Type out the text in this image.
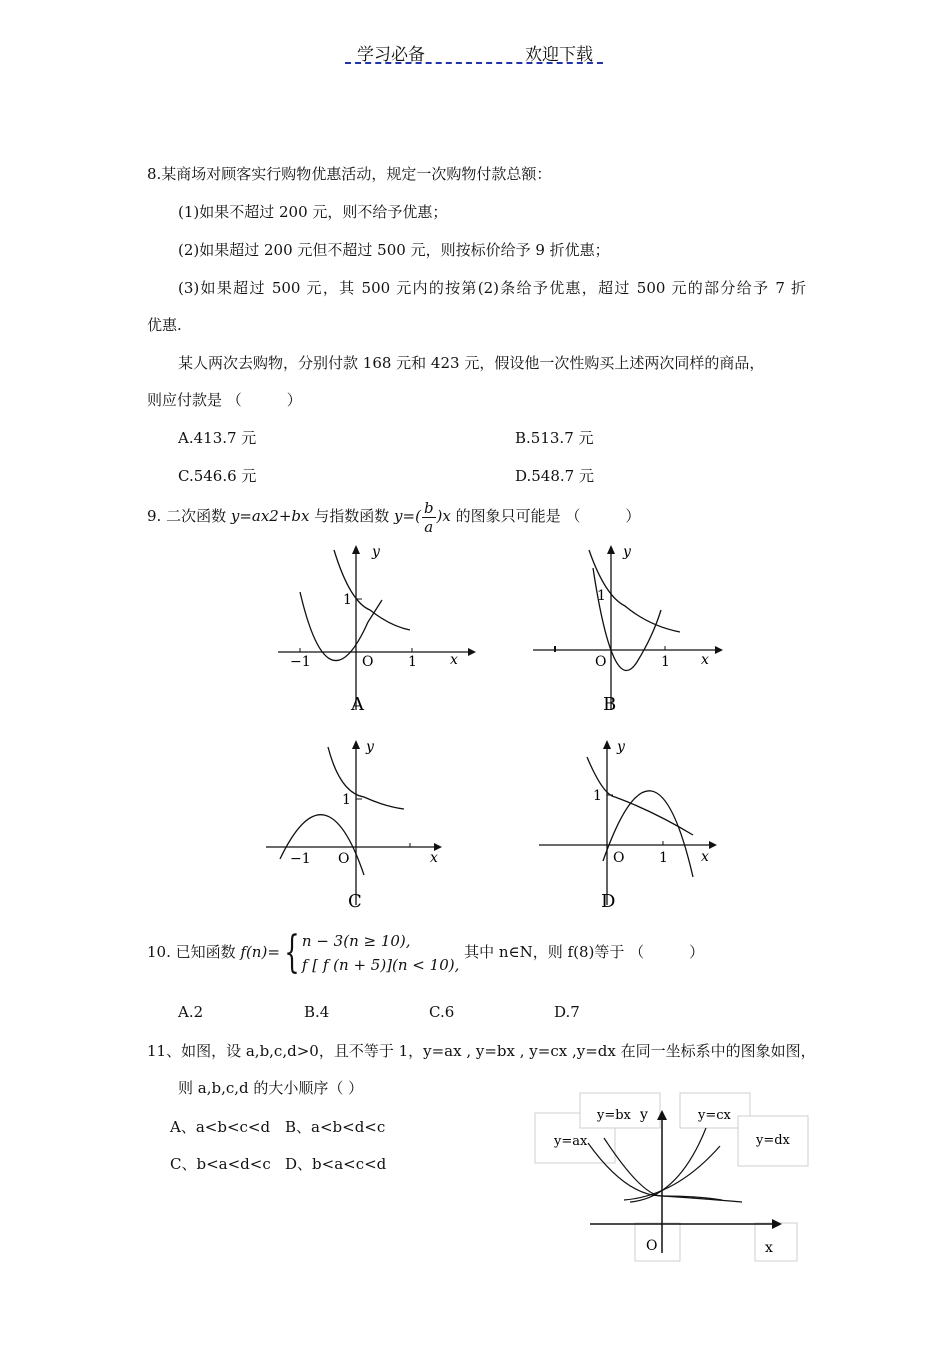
学习必备	欢迎下载
8.某商场对顾客实行购物优惠活动，规定一次购物付款总额：
(1)如果不超过 200 元，则不给予优惠；
(2)如果超过 200 元但不超过 500 元，则按标价给予 9 折优惠；
(3)如果超过 500 元，其 500 元内的按第(2)条给予优惠，超过 500 元的部分给予 7 折
优惠.
某人两次去购物，分别付款 168 元和 423 元，假设他一次性购买上述两次同样的商品，
则应付款是 （　　　）
A.413.7 元	B.513.7 元
C.546.6 元	D.548.7 元
9. 二次函数 y=ax2+bx 与指数函数 $y=( \frac{b}{a} )x$ 的图象只可能是 （　　　）
y
x
1
−1	O 1
A
y
x
1
O	1
B
y
x
1
−1 O
C
y
x
1
O 1
D
10. 已知函数 f(n)={ n − 3(n ≥ 10),
f [ f (n + 5)](n < 10),
其中 n∈N，则 f(8)等于 （　　　）
A.2	B.4	C.6	D.7
11、如图，设 a,b,c,d>0，且不等于 1，y=ax , y=bx , y=cx ,y=dx 在同一坐标系中的图象如图，
则 a,b,c,d 的大小顺序（ ）
A、a<b<c<d B、a<b<d<c
C、b<a<d<c D、b<a<c<d
y=ax
y=bx y	y=cx
y=dx
O	x
